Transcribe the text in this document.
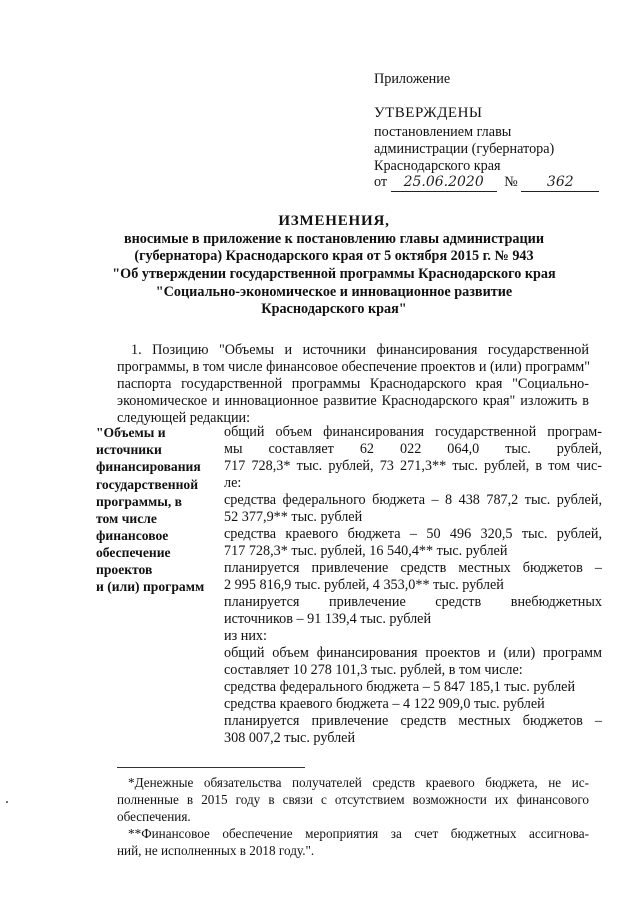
Приложение
УТВЕРЖДЕНЫ
постановлением главы
администрации (губернатора)
Краснодарского края
от 25.06.2020 № 362
ИЗМЕНЕНИЯ,
вносимые в приложение к постановлению главы администрации
(губернатора) Краснодарского края от 5 октября 2015 г. № 943
"Об утверждении государственной программы Краснодарского края
"Социально-экономическое и инновационное развитие
Краснодарского края"
1. Позицию "Объемы и источники финансирования государственной
программы, в том числе финансовое обеспечение проектов и (или) программ"
паспорта государственной программы Краснодарского края "Социально-
экономическое и инновационное развитие Краснодарского края" изложить в
следующей редакции:
"Объемы и
источники
финансирования
государственной
программы, в
том числе
финансовое
обеспечение
проектов
и (или) программ
общий объем финансирования государственной програм-
мы составляет 62 022 064,0 тыс. рублей,
717 728,3* тыс. рублей, 73 271,3** тыс. рублей, в том чис-
ле:
средства федерального бюджета – 8 438 787,2 тыс. рублей,
52 377,9** тыс. рублей
средства краевого бюджета – 50 496 320,5 тыс. рублей,
717 728,3* тыс. рублей, 16 540,4** тыс. рублей
планируется привлечение средств местных бюджетов –
2 995 816,9 тыс. рублей, 4 353,0** тыс. рублей
планируется привлечение средств внебюджетных
источников – 91 139,4 тыс. рублей
из них:
общий объем финансирования проектов и (или) программ
составляет 10 278 101,3 тыс. рублей, в том числе:
средства федерального бюджета – 5 847 185,1 тыс. рублей
средства краевого бюджета – 4 122 909,0 тыс. рублей
планируется привлечение средств местных бюджетов –
308 007,2 тыс. рублей
*Денежные обязательства получателей средств краевого бюджета, не ис-
полненные в 2015 году в связи с отсутствием возможности их финансового
обеспечения.
**Финансовое обеспечение мероприятия за счет бюджетных ассигнова-
ний, не исполненных в 2018 году.".
